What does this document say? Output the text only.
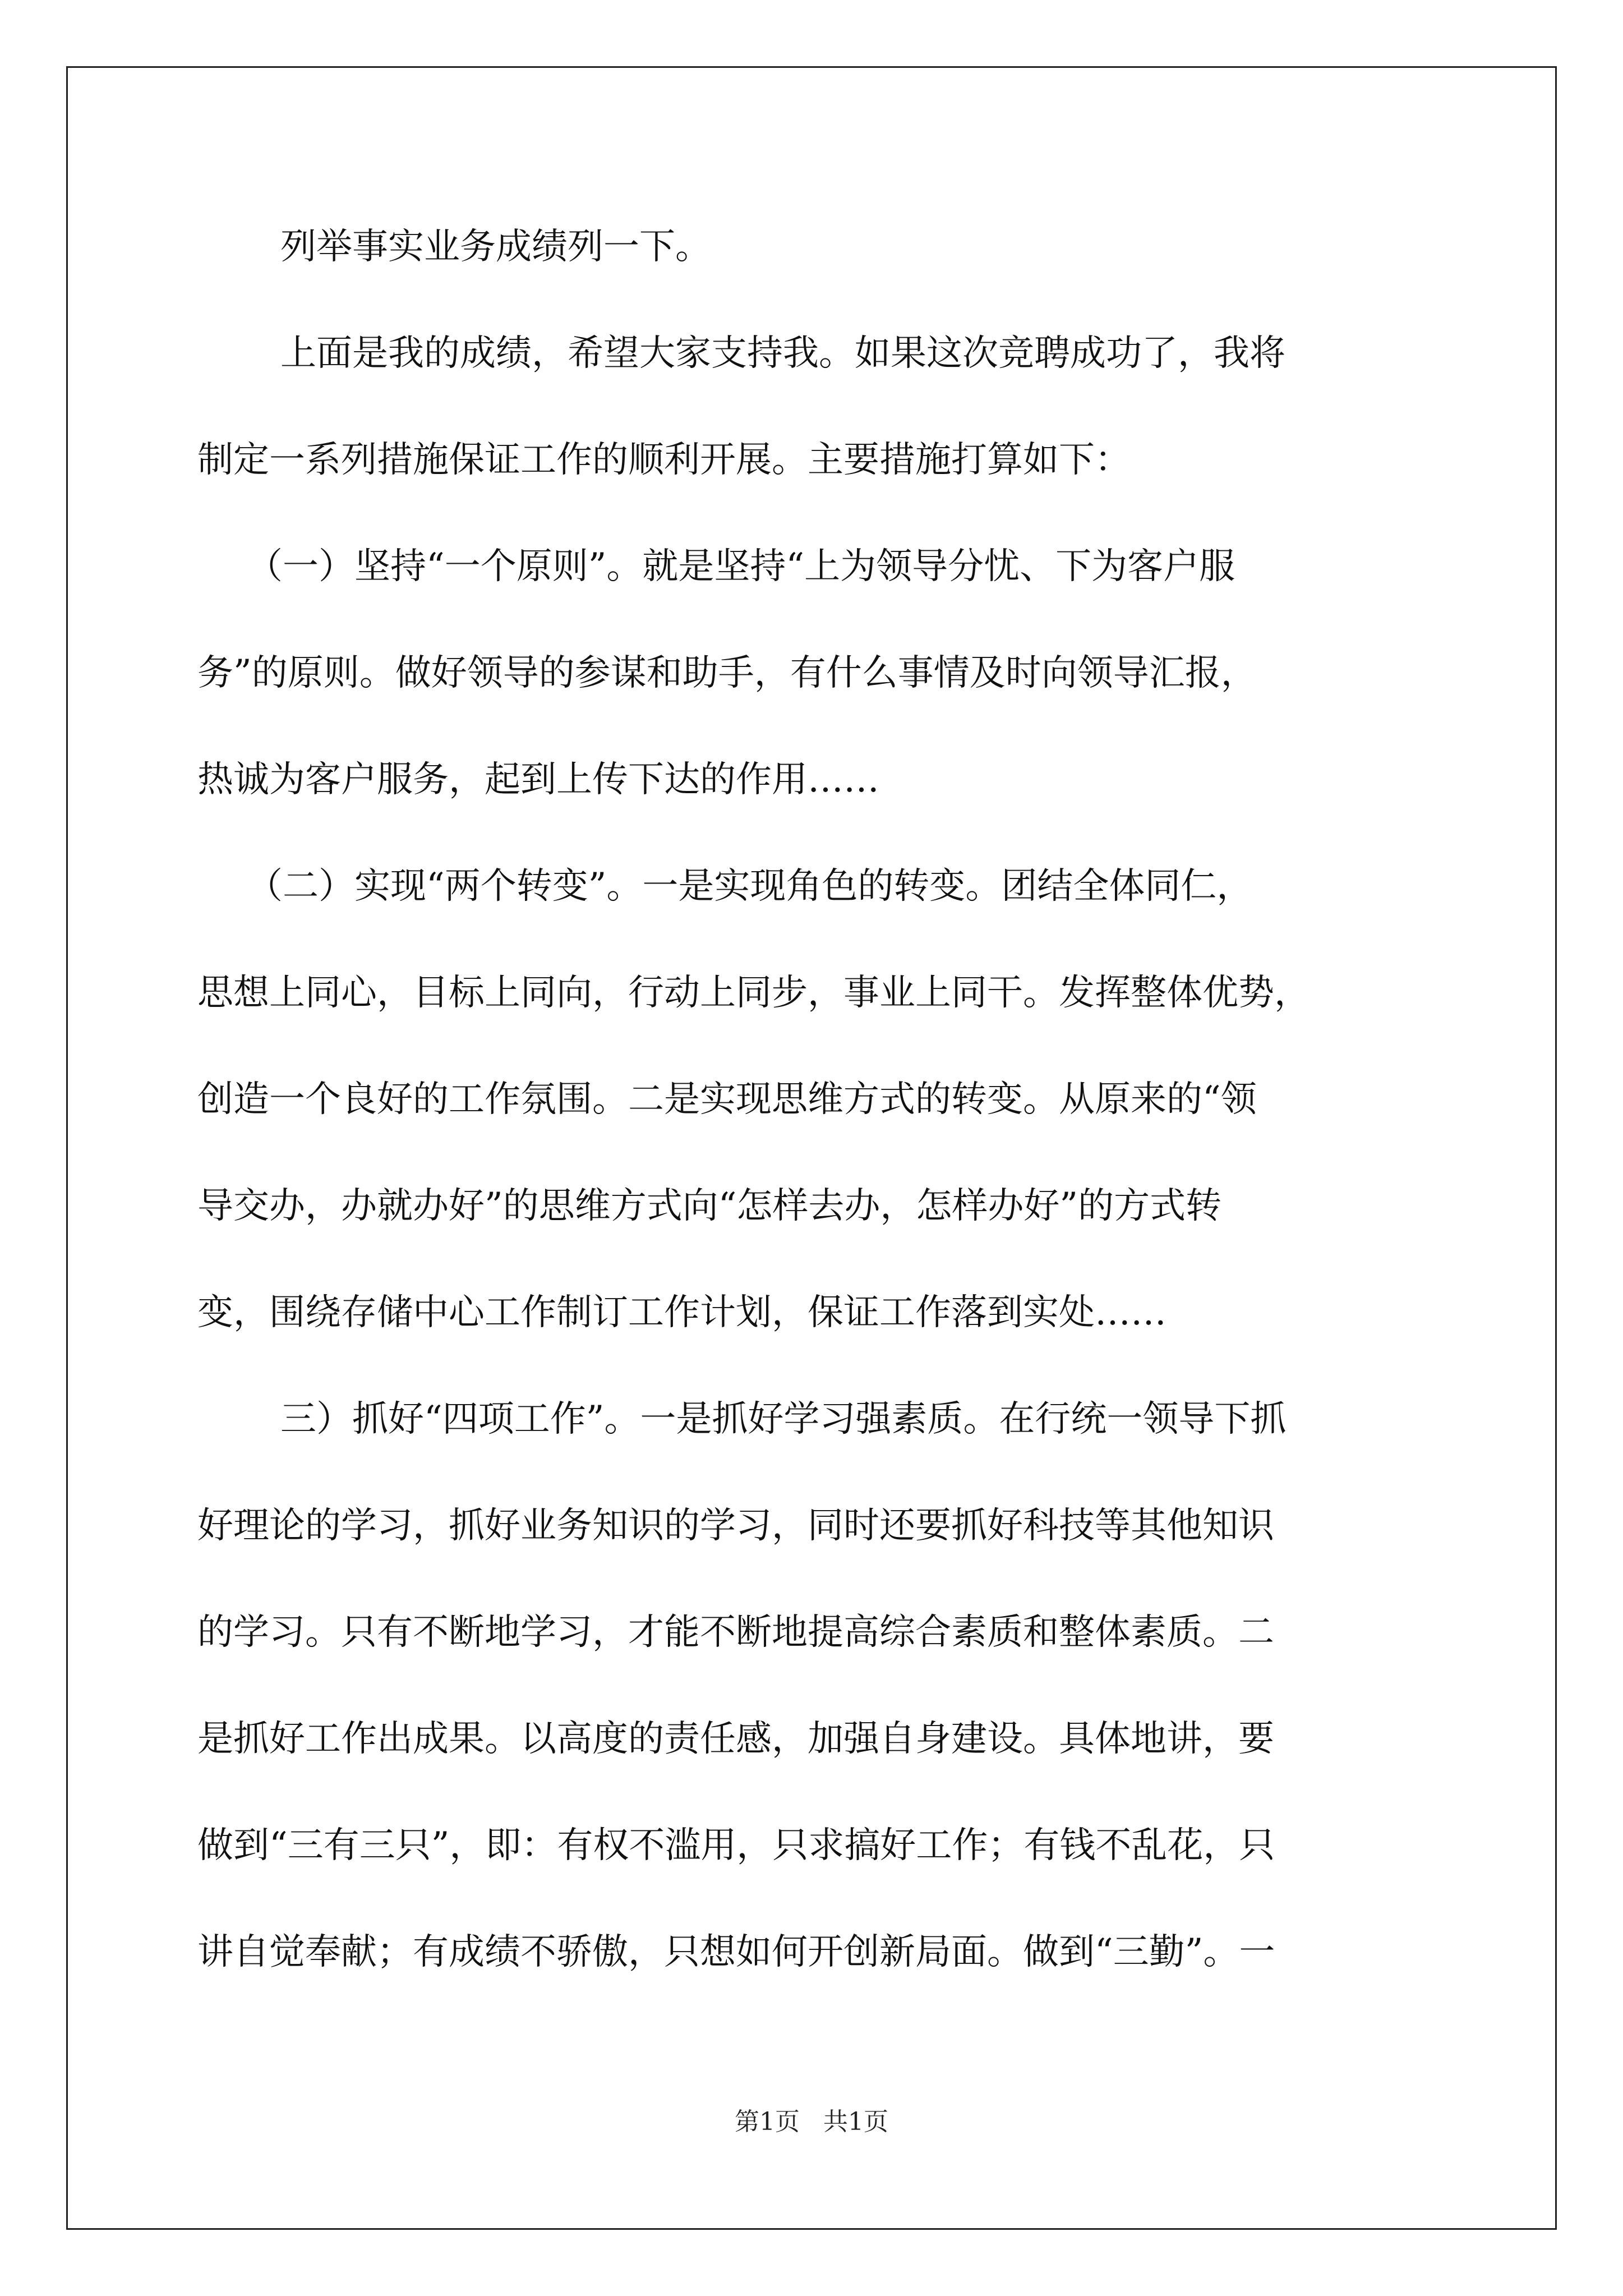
列举事实业务成绩列一下。

上面是我的成绩，希望大家支持我。如果这次竞聘成功了，我将

制定一系列措施保证工作的顺利开展。主要措施打算如下：

（一）坚持“一个原则”。就是坚持“上为领导分忧、下为客户服

务”的原则。做好领导的参谋和助手，有什么事情及时向领导汇报，

热诚为客户服务，起到上传下达的作用……

（二）实现“两个转变”。一是实现角色的转变。团结全体同仁，

思想上同心，目标上同向，行动上同步，事业上同干。发挥整体优势，

创造一个良好的工作氛围。二是实现思维方式的转变。从原来的“领

导交办，办就办好”的思维方式向“怎样去办，怎样办好”的方式转

变，围绕存储中心工作制订工作计划，保证工作落到实处……

三）抓好“四项工作”。一是抓好学习强素质。在行统一领导下抓

好理论的学习，抓好业务知识的学习，同时还要抓好科技等其他知识

的学习。只有不断地学习，才能不断地提高综合素质和整体素质。二

是抓好工作出成果。以高度的责任感，加强自身建设。具体地讲，要

做到“三有三只”，即：有权不滥用，只求搞好工作；有钱不乱花，只

讲自觉奉献；有成绩不骄傲，只想如何开创新局面。做到“三勤”。一

第1页   共1页
